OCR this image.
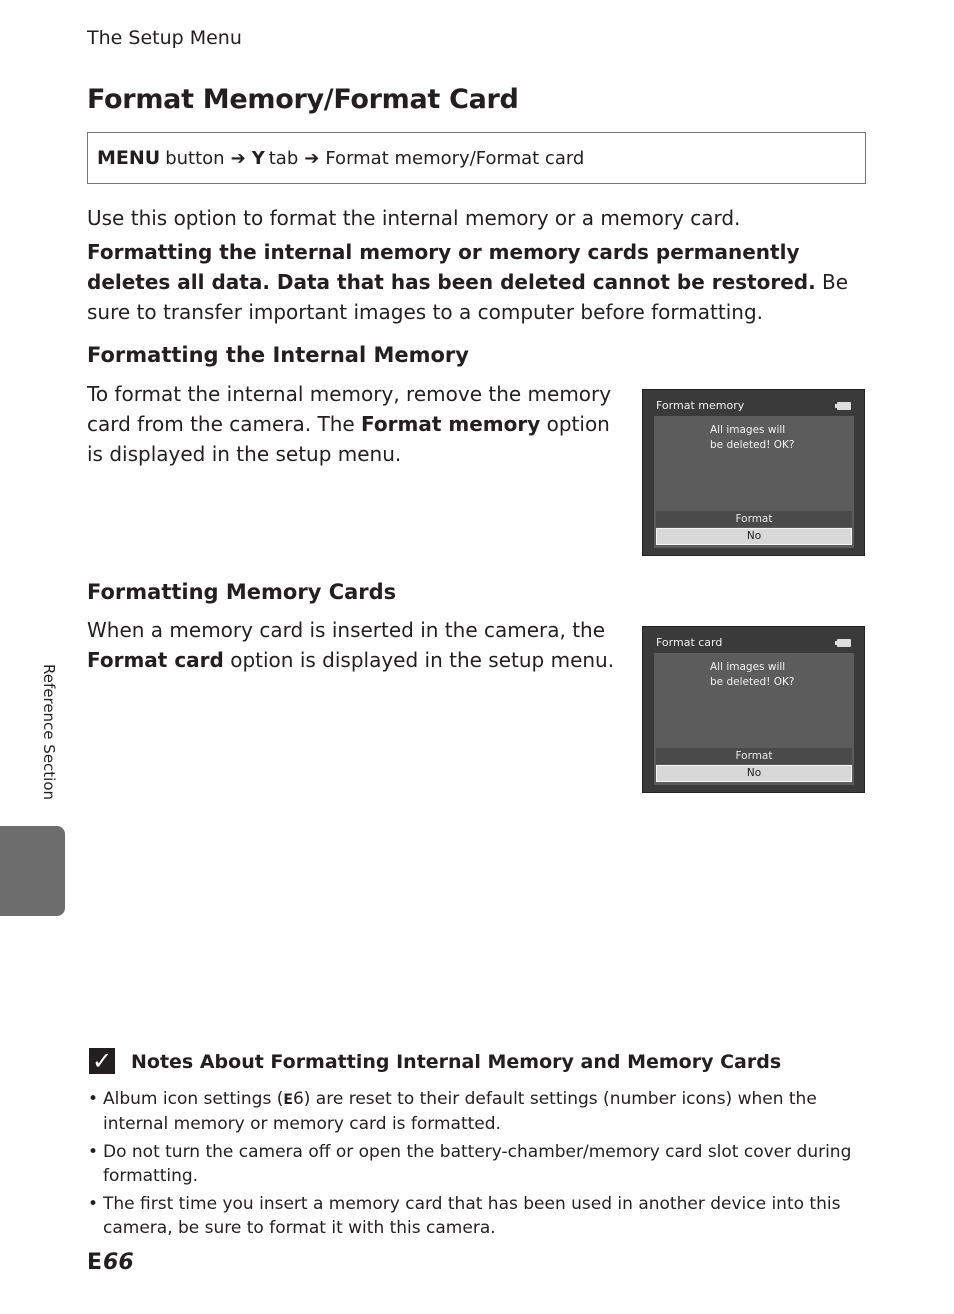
The Setup Menu
Format Memory/Format Card
MENU button ➔ Y tab ➔ Format memory/Format card
Use this option to format the internal memory or a memory card.
Formatting the internal memory or memory cards permanently deletes all data. Data that has been deleted cannot be restored. Be sure to transfer important images to a computer before formatting.
Formatting the Internal Memory
To format the internal memory, remove the memory card from the camera. The Format memory option is displayed in the setup menu.
Format memory
All images will
be deleted! OK?
Format
No
Formatting Memory Cards
When a memory card is inserted in the camera, the Format card option is displayed in the setup menu.
Format card
All images will
be deleted! OK?
Format
No
Reference Section
✓ Notes About Formatting Internal Memory and Memory Cards
• Album icon settings (E6) are reset to their default settings (number icons) when the internal memory or memory card is formatted.
• Do not turn the camera off or open the battery-chamber/memory card slot cover during formatting.
• The first time you insert a memory card that has been used in another device into this camera, be sure to format it with this camera.
E66
